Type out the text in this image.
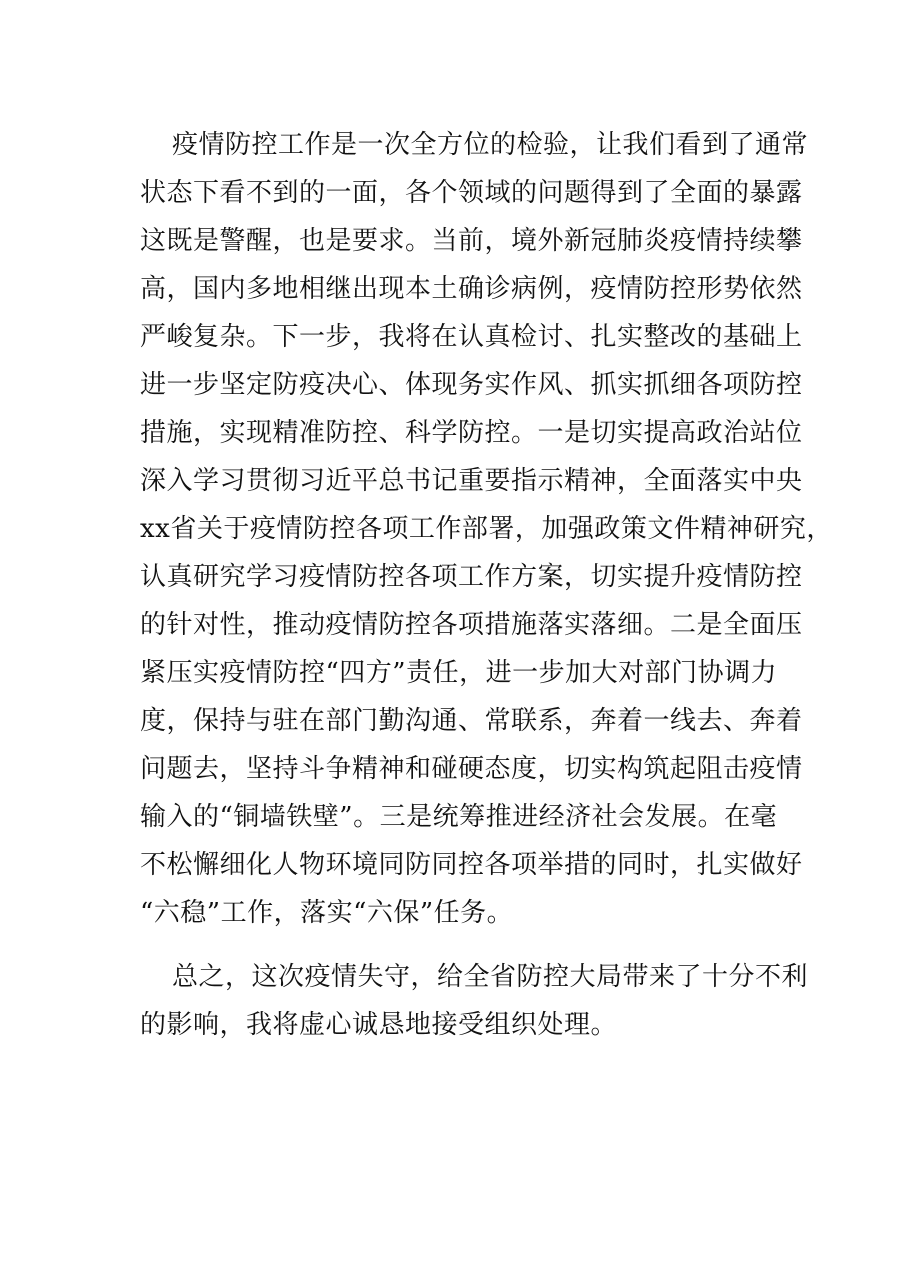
疫情防控工作是一次全方位的检验，让我们看到了通常
状态下看不到的一面，各个领域的问题得到了全面的暴露
这既是警醒，也是要求。当前，境外新冠肺炎疫情持续攀
高，国内多地相继出现本土确诊病例，疫情防控形势依然
严峻复杂。下一步，我将在认真检讨、扎实整改的基础上
进一步坚定防疫决心、体现务实作风、抓实抓细各项防控
措施，实现精准防控、科学防控。一是切实提高政治站位
深入学习贯彻习近平总书记重要指示精神，全面落实中央
xx省关于疫情防控各项工作部署，加强政策文件精神研究，
认真研究学习疫情防控各项工作方案，切实提升疫情防控
的针对性，推动疫情防控各项措施落实落细。二是全面压
紧压实疫情防控“四方”责任，进一步加大对部门协调力
度，保持与驻在部门勤沟通、常联系，奔着一线去、奔着
问题去，坚持斗争精神和碰硬态度，切实构筑起阻击疫情
输入的“铜墙铁壁”。三是统筹推进经济社会发展。在毫
不松懈细化人物环境同防同控各项举措的同时，扎实做好
“六稳”工作，落实“六保”任务。
总之，这次疫情失守，给全省防控大局带来了十分不利
的影响，我将虚心诚恳地接受组织处理。
